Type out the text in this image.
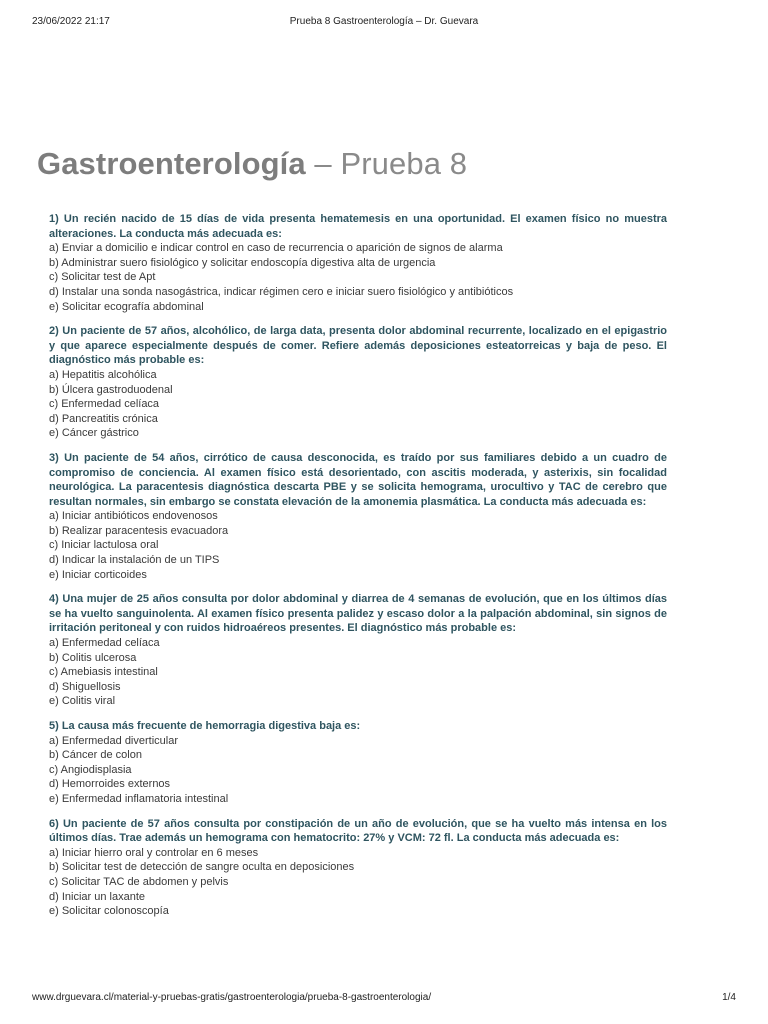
23/06/2022 21:17	Prueba 8 Gastroenterología – Dr. Guevara
Gastroenterología – Prueba 8

1) Un recién nacido de 15 días de vida presenta hematemesis en una oportunidad. El examen físico no muestra alteraciones. La conducta más adecuada es:

a) Enviar a domicilio e indicar control en caso de recurrencia o aparición de signos de alarma
b) Administrar suero fisiológico y solicitar endoscopía digestiva alta de urgencia
c) Solicitar test de Apt
d) Instalar una sonda nasogástrica, indicar régimen cero e iniciar suero fisiológico y antibióticos
e) Solicitar ecografía abdominal

2) Un paciente de 57 años, alcohólico, de larga data, presenta dolor abdominal recurrente, localizado en el epigastrio y que aparece especialmente después de comer. Refiere además deposiciones esteatorreicas y baja de peso. El diagnóstico más probable es:

a) Hepatitis alcohólica
b) Úlcera gastroduodenal
c) Enfermedad celíaca
d) Pancreatitis crónica
e) Cáncer gástrico

3) Un paciente de 54 años, cirrótico de causa desconocida, es traído por sus familiares debido a un cuadro de compromiso de conciencia. Al examen físico está desorientado, con ascitis moderada, y asterixis, sin focalidad neurológica. La paracentesis diagnóstica descarta PBE y se solicita hemograma, urocultivo y TAC de cerebro que resultan normales, sin embargo se constata elevación de la amonemia plasmática. La conducta más adecuada es:

a) Iniciar antibióticos endovenosos
b) Realizar paracentesis evacuadora
c) Iniciar lactulosa oral
d) Indicar la instalación de un TIPS
e) Iniciar corticoides

4) Una mujer de 25 años consulta por dolor abdominal y diarrea de 4 semanas de evolución, que en los últimos días se ha vuelto sanguinolenta. Al examen físico presenta palidez y escaso dolor a la palpación abdominal, sin signos de irritación peritoneal y con ruidos hidroaéreos presentes. El diagnóstico más probable es:

a) Enfermedad celíaca
b) Colitis ulcerosa
c) Amebiasis intestinal
d) Shiguellosis
e) Colitis viral

5) La causa más frecuente de hemorragia digestiva baja es:

a) Enfermedad diverticular
b) Cáncer de colon
c) Angiodisplasia
d) Hemorroides externos
e) Enfermedad inflamatoria intestinal

6) Un paciente de 57 años consulta por constipación de un año de evolución, que se ha vuelto más intensa en los últimos días. Trae además un hemograma con hematocrito: 27% y VCM: 72 fl. La conducta más adecuada es:

a) Iniciar hierro oral y controlar en 6 meses
b) Solicitar test de detección de sangre oculta en deposiciones
c) Solicitar TAC de abdomen y pelvis
d) Iniciar un laxante
e) Solicitar colonoscopía
www.drguevara.cl/material-y-pruebas-gratis/gastroenterologia/prueba-8-gastroenterologia/	1/4
